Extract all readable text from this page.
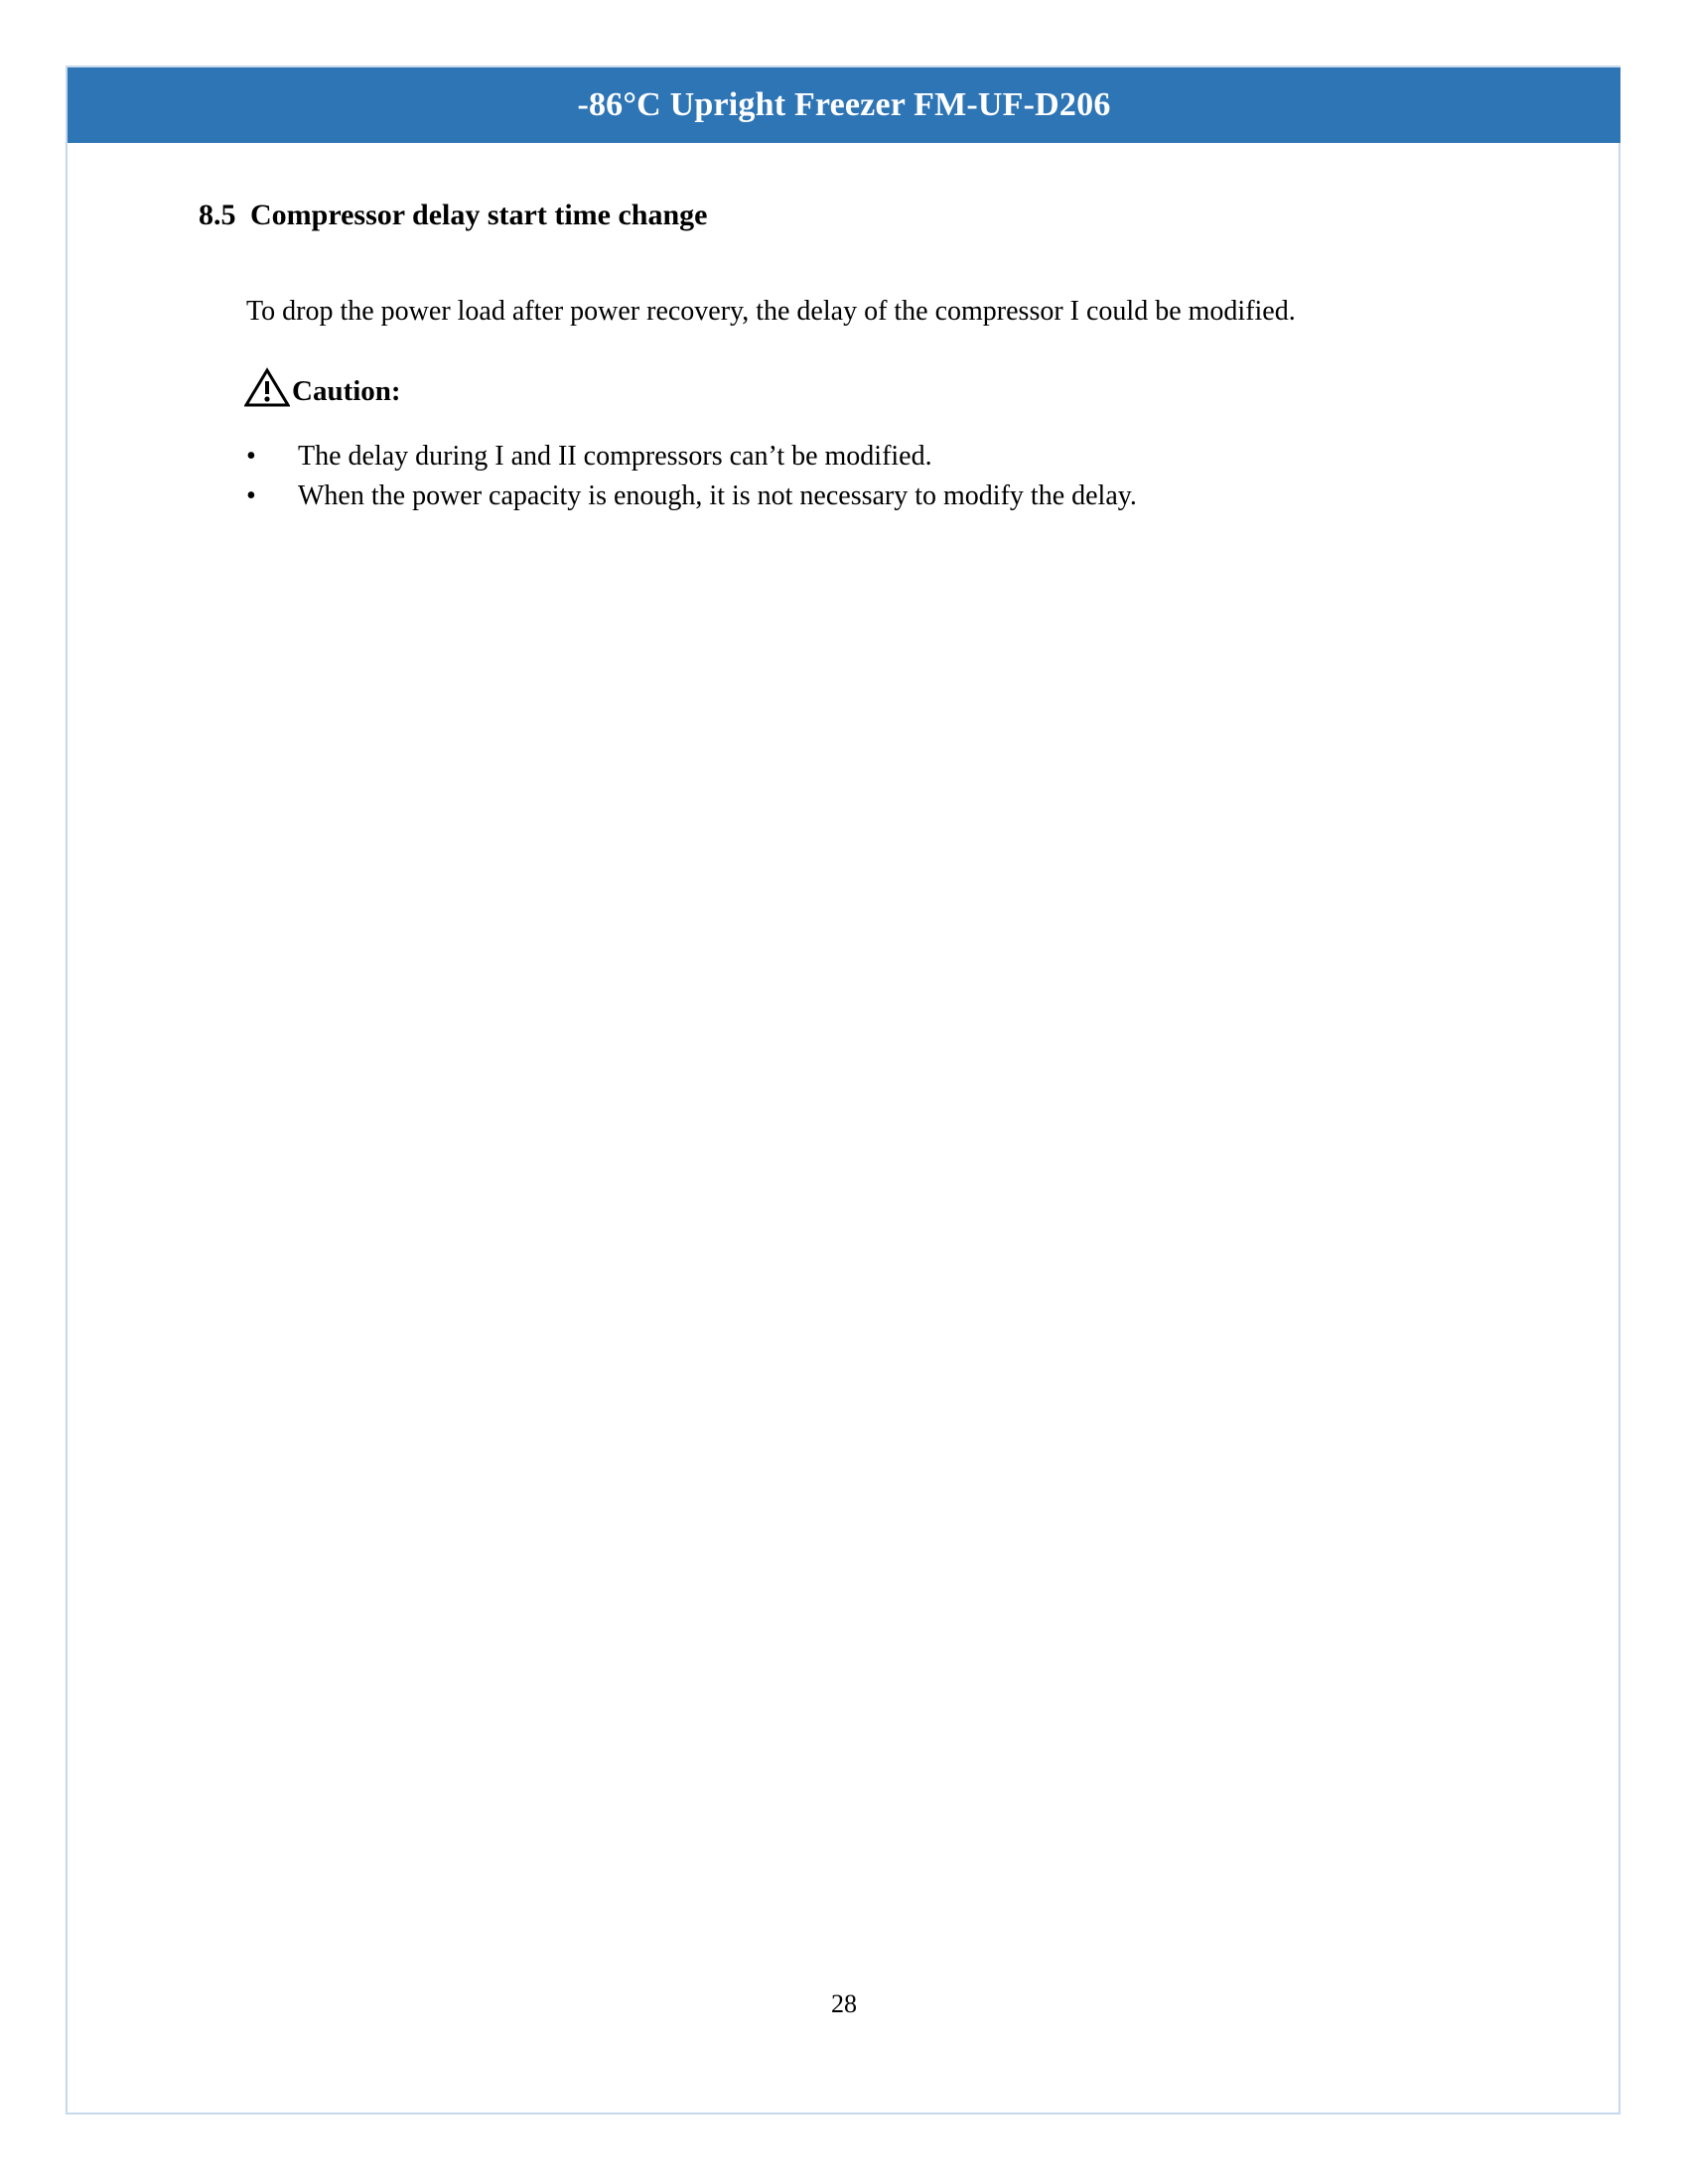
-86°C Upright Freezer FM-UF-D206
8.5 Compressor delay start time change

To drop the power load after power recovery, the delay of the compressor I could be modified.

Caution:
• The delay during I and II compressors can’t be modified.
• When the power capacity is enough, it is not necessary to modify the delay.
28
